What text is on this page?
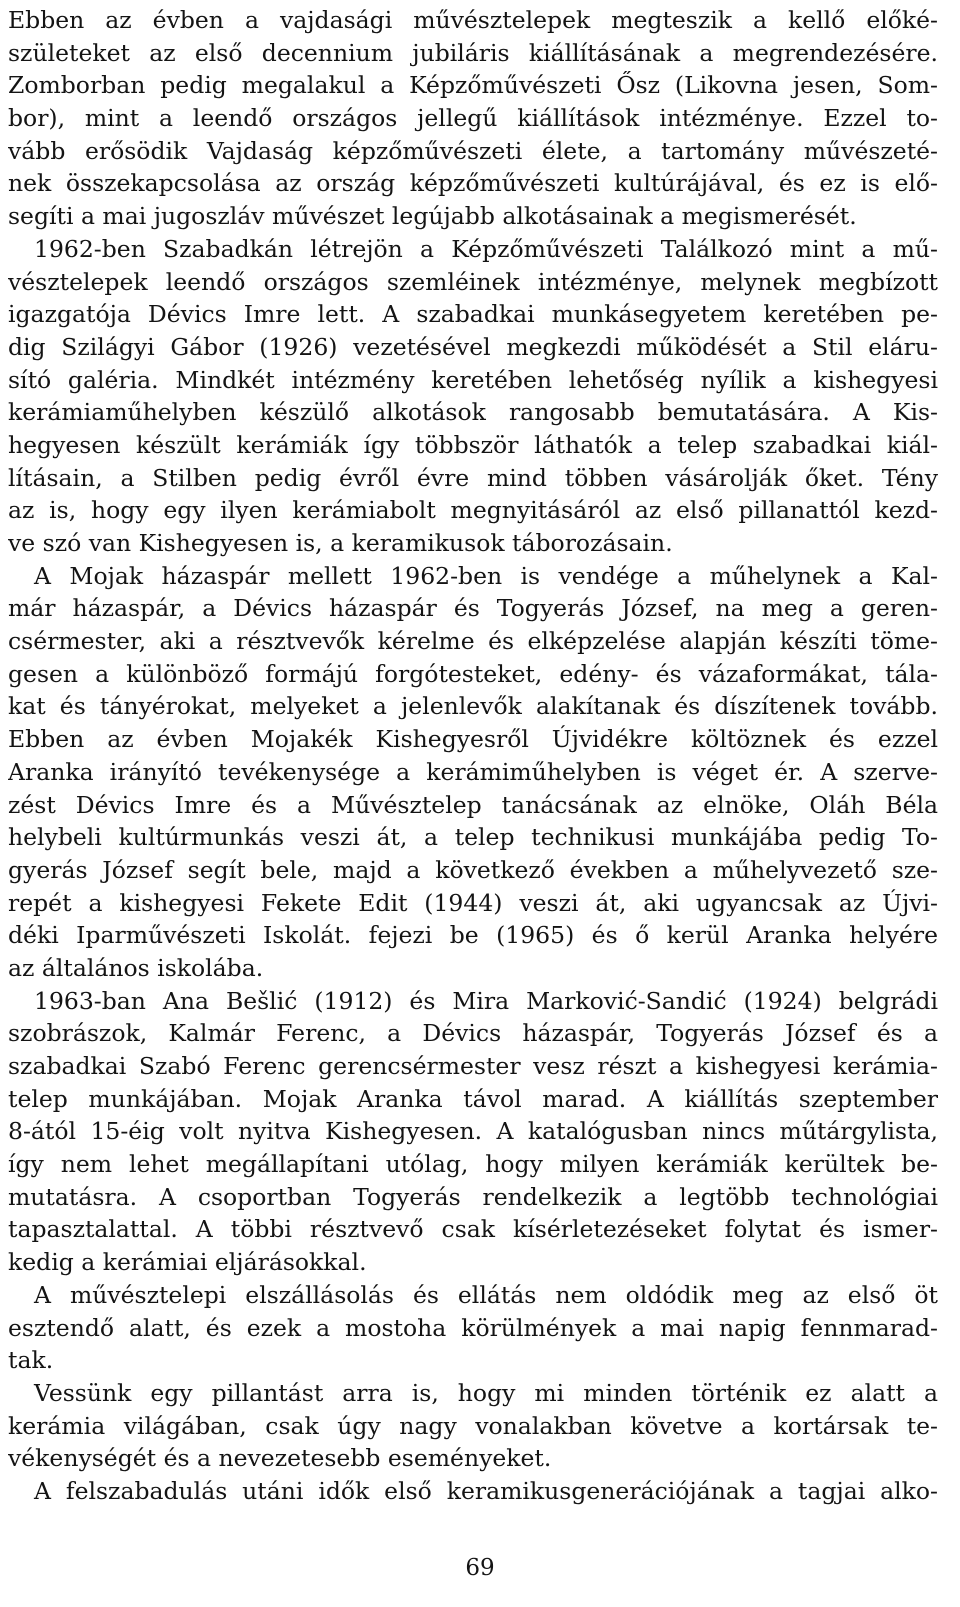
Ebben az évben a vajdasági művésztelepek megteszik a kellő előké-
születeket az első decennium jubiláris kiállításának a megrendezésére.
Zomborban pedig megalakul a Képzőművészeti Ősz (Likovna jesen, Som-
bor), mint a leendő országos jellegű kiállítások intézménye. Ezzel to-
vább erősödik Vajdaság képzőművészeti élete, a tartomány művészeté-
nek összekapcsolása az ország képzőművészeti kultúrájával, és ez is elő-
segíti a mai jugoszláv művészet legújabb alkotásainak a megismerését.
1962-ben Szabadkán létrejön a Képzőművészeti Találkozó mint a mű-
vésztelepek leendő országos szemléinek intézménye, melynek megbízott
igazgatója Dévics Imre lett. A szabadkai munkásegyetem keretében pe-
dig Szilágyi Gábor (1926) vezetésével megkezdi működését a Stil eláru-
sító galéria. Mindkét intézmény keretében lehetőség nyílik a kishegyesi
kerámiaműhelyben készülő alkotások rangosabb bemutatására. A Kis-
hegyesen készült kerámiák így többször láthatók a telep szabadkai kiál-
lításain, a Stilben pedig évről évre mind többen vásárolják őket. Tény
az is, hogy egy ilyen kerámiabolt megnyitásáról az első pillanattól kezd-
ve szó van Kishegyesen is, a keramikusok táborozásain.
A Mojak házaspár mellett 1962-ben is vendége a műhelynek a Kal-
már házaspár, a Dévics házaspár és Togyerás József, na meg a geren-
csérmester, aki a résztvevők kérelme és elképzelése alapján készíti töme-
gesen a különböző formájú forgótesteket, edény- és vázaformákat, tála-
kat és tányérokat, melyeket a jelenlevők alakítanak és díszítenek tovább.
Ebben az évben Mojakék Kishegyesről Újvidékre költöznek és ezzel
Aranka irányító tevékenysége a kerámiműhelyben is véget ér. A szerve-
zést Dévics Imre és a Művésztelep tanácsának az elnöke, Oláh Béla
helybeli kultúrmunkás veszi át, a telep technikusi munkájába pedig To-
gyerás József segít bele, majd a következő években a műhelyvezető sze-
repét a kishegyesi Fekete Edit (1944) veszi át, aki ugyancsak az Újvi-
déki Iparművészeti Iskolát. fejezi be (1965) és ő kerül Aranka helyére
az általános iskolába.
1963-ban Ana Bešlić (1912) és Mira Marković-Sandić (1924) belgrádi
szobrászok, Kalmár Ferenc, a Dévics házaspár, Togyerás József és a
szabadkai Szabó Ferenc gerencsérmester vesz részt a kishegyesi kerámia-
telep munkájában. Mojak Aranka távol marad. A kiállítás szeptember
8-ától 15-éig volt nyitva Kishegyesen. A katalógusban nincs műtárgylista,
így nem lehet megállapítani utólag, hogy milyen kerámiák kerültek be-
mutatásra. A csoportban Togyerás rendelkezik a legtöbb technológiai
tapasztalattal. A többi résztvevő csak kísérletezéseket folytat és ismer-
kedig a kerámiai eljárásokkal.
A művésztelepi elszállásolás és ellátás nem oldódik meg az első öt
esztendő alatt, és ezek a mostoha körülmények a mai napig fennmarad-
tak.
Vessünk egy pillantást arra is, hogy mi minden történik ez alatt a
kerámia világában, csak úgy nagy vonalakban követve a kortársak te-
vékenységét és a nevezetesebb eseményeket.
A felszabadulás utáni idők első keramikusgenerációjának a tagjai alko-
69
